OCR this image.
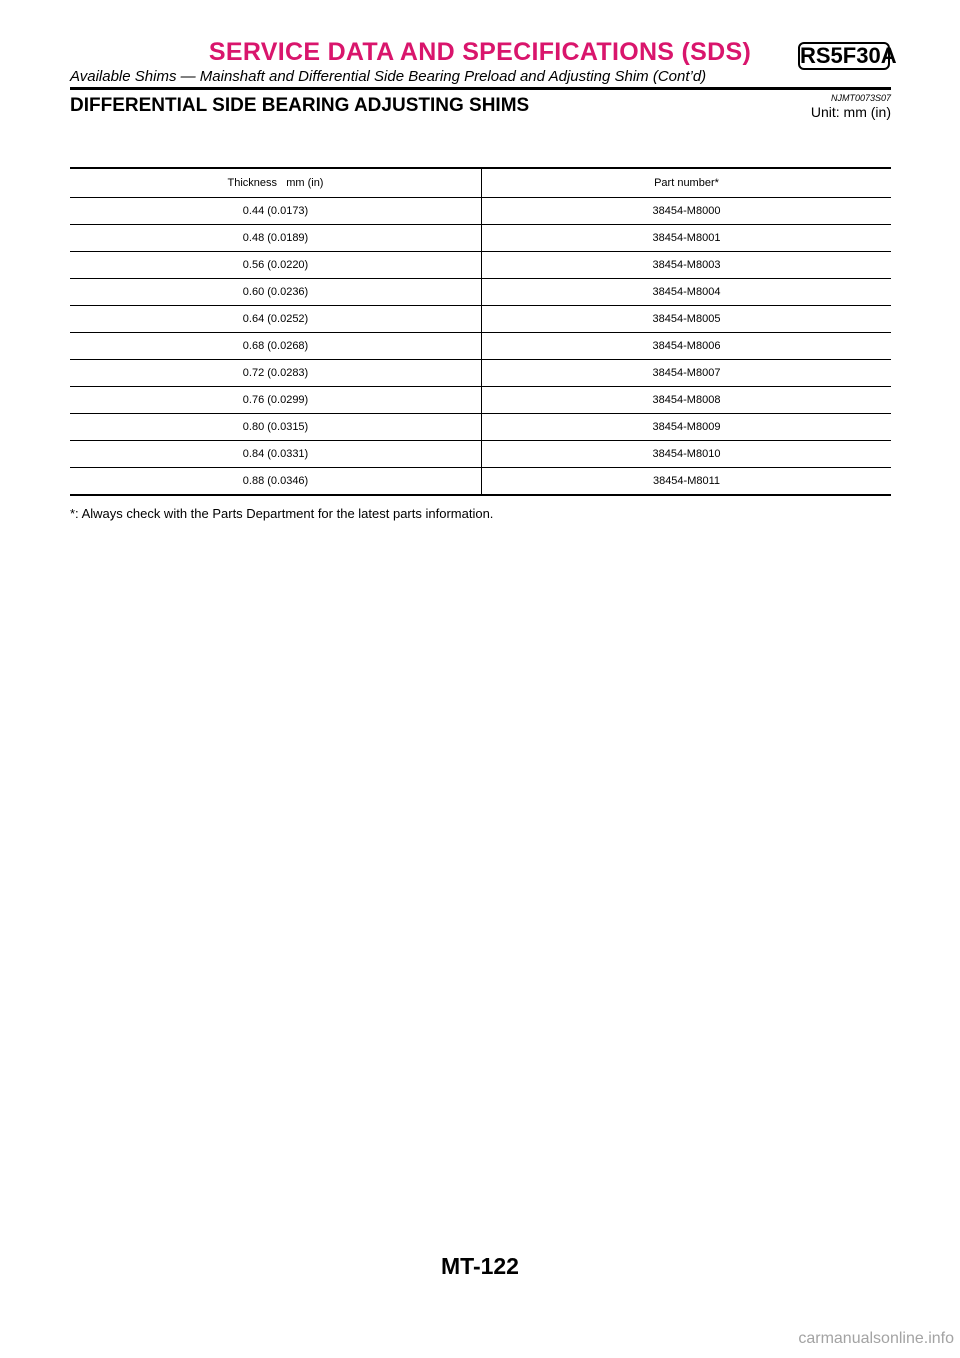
SERVICE DATA AND SPECIFICATIONS (SDS)	RS5F30A
Available Shims — Mainshaft and Differential Side Bearing Preload and Adjusting Shim (Cont’d)
DIFFERENTIAL SIDE BEARING ADJUSTING SHIMS	NJMT0073S07
Unit: mm (in)
Thickness   mm (in)	Part number*
0.44 (0.0173)	38454-M8000
0.48 (0.0189)	38454-M8001
0.56 (0.0220)	38454-M8003
0.60 (0.0236)	38454-M8004
0.64 (0.0252)	38454-M8005
0.68 (0.0268)	38454-M8006
0.72 (0.0283)	38454-M8007
0.76 (0.0299)	38454-M8008
0.80 (0.0315)	38454-M8009
0.84 (0.0331)	38454-M8010
0.88 (0.0346)	38454-M8011
*: Always check with the Parts Department for the latest parts information.
MT-122
carmanualsonline.info
